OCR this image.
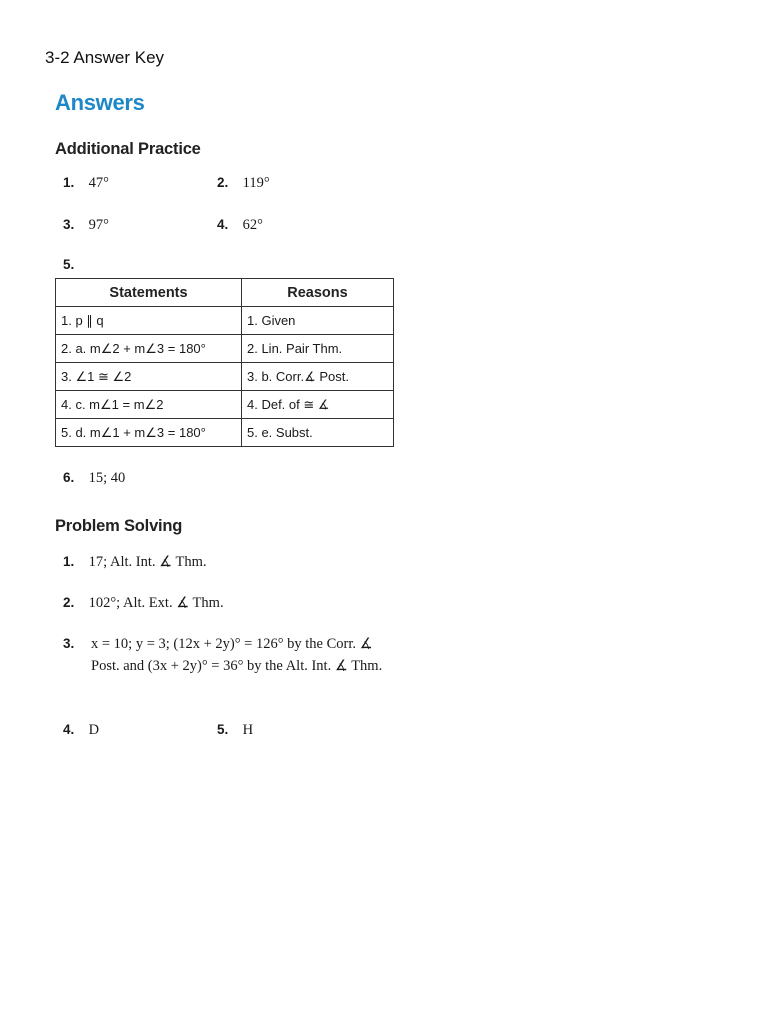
3-2 Answer Key
Answers
Additional Practice
1. 47°	2. 119°
3. 97°	4. 62°
5.
Statements	Reasons
1. p ∥ q	1. Given
2. a. m∠2 + m∠3 = 180°	2. Lin. Pair Thm.
3. ∠1 ≅ ∠2	3. b. Corr.∡ Post.
4. c. m∠1 = m∠2	4. Def. of ≅ ∡
5. d. m∠1 + m∠3 = 180°	5. e. Subst.
6. 15; 40
Problem Solving
1. 17; Alt. Int. ∡ Thm.
2. 102°; Alt. Ext. ∡ Thm.
3.	x = 10; y = 3; (12x + 2y)° = 126° by the Corr. ∡ Post. and (3x + 2y)° = 36° by the Alt. Int. ∡ Thm.
4. D	5. H
